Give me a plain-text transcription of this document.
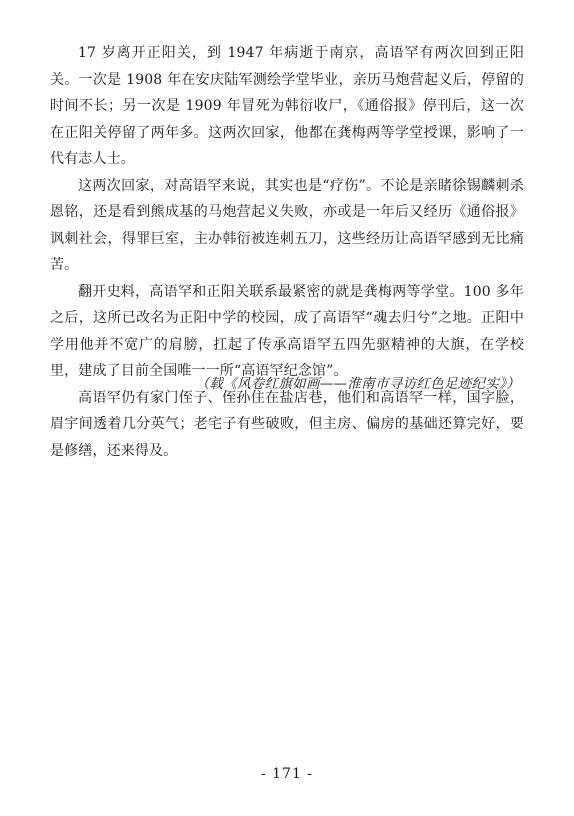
17 岁离开正阳关，到 1947 年病逝于南京，高语罕有两次回到正阳关。一次是 1908 年在安庆陆军测绘学堂毕业，亲历马炮营起义后，停留的时间不长；另一次是 1909 年冒死为韩衍收尸，《通俗报》停刊后，这一次在正阳关停留了两年多。这两次回家，他都在龚梅两等学堂授课，影响了一代有志人士。

这两次回家，对高语罕来说，其实也是“疗伤”。不论是亲睹徐锡麟刺杀恩铭，还是看到熊成基的马炮营起义失败，亦或是一年后又经历《通俗报》讽刺社会，得罪巨室，主办韩衍被连刺五刀，这些经历让高语罕感到无比痛苦。

翻开史料，高语罕和正阳关联系最紧密的就是龚梅两等学堂。100 多年之后，这所已改名为正阳中学的校园，成了高语罕“魂去归兮”之地。正阳中学用他并不宽广的肩膀，扛起了传承高语罕五四先驱精神的大旗，在学校里，建成了目前全国唯一一所“高语罕纪念馆”。

高语罕仍有家门侄子、侄孙住在盐店巷，他们和高语罕一样，国字脸，眉宇间透着几分英气；老宅子有些破败，但主房、偏房的基础还算完好，要是修缮，还来得及。

（载《风卷红旗如画——淮南市寻访红色足迹纪实》）
- 171 -
